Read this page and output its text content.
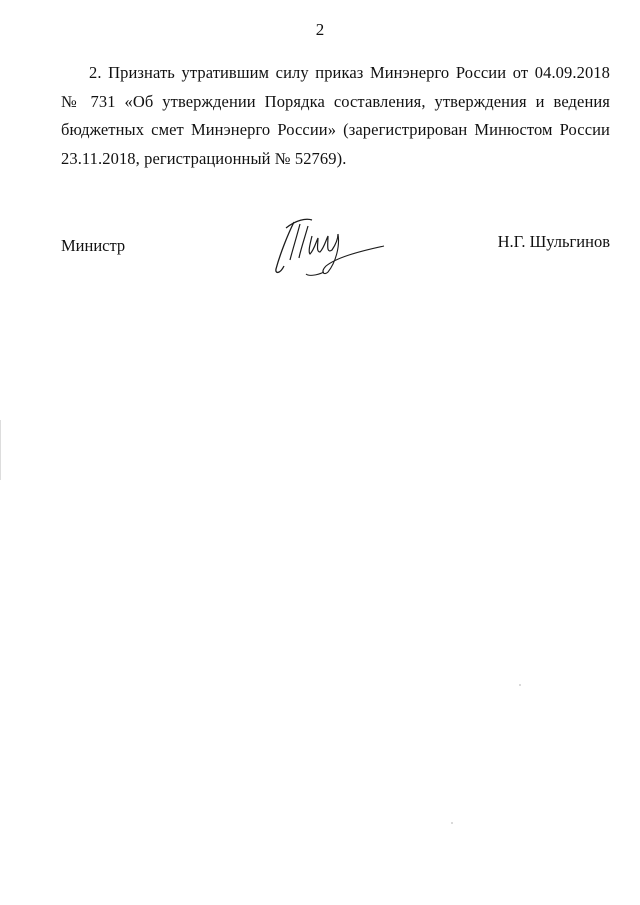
2
2. Признать утратившим силу приказ Минэнерго России от 04.09.2018 № 731 «Об утверждении Порядка составления, утверждения и ведения бюджетных смет Минэнерго России» (зарегистрирован Минюстом России 23.11.2018, регистрационный № 52769).
Министр	Н.Г. Шульгинов
